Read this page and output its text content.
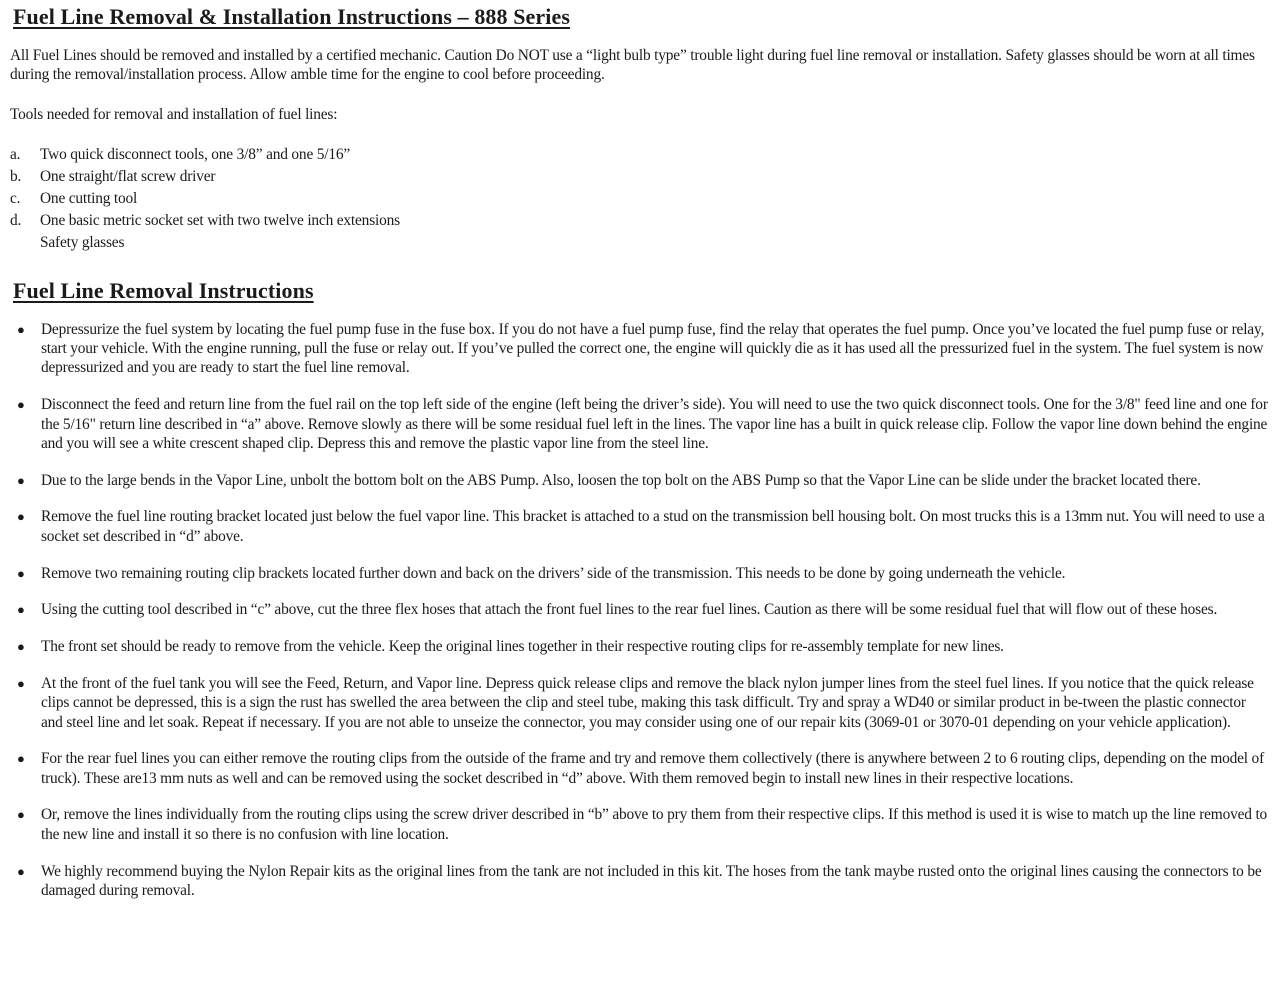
Fuel Line Removal & Installation Instructions – 888 Series

All Fuel Lines should be removed and installed by a certified mechanic. Caution Do NOT use a “light bulb type” trouble light during fuel line removal or installation. Safety glasses should be worn at all times during the removal/installation process. Allow amble time for the engine to cool before proceeding.

Tools needed for removal and installation of fuel lines:

a.	Two quick disconnect tools, one 3/8” and one 5/16”
b.	One straight/flat screw driver
c.	One cutting tool
d.	One basic metric socket set with two twelve inch extensions
Safety glasses
Fuel Line Removal Instructions
●	Depressurize the fuel system by locating the fuel pump fuse in the fuse box. If you do not have a fuel pump fuse, find the relay that operates the fuel pump. Once you’ve located the fuel pump fuse or relay, start your vehicle. With the engine running, pull the fuse or relay out. If you’ve pulled the correct one, the engine will quickly die as it has used all the pressurized fuel in the system. The fuel system is now depressurized and you are ready to start the fuel line removal.

●	Disconnect the feed and return line from the fuel rail on the top left side of the engine (left being the driver’s side). You will need to use the two quick disconnect tools. One for the 3/8" feed line and one for the 5/16" return line described in “a” above. Remove slowly as there will be some residual fuel left in the lines. The vapor line has a built in quick release clip. Follow the vapor line down behind the engine and you will see a white crescent shaped clip. Depress this and remove the plastic vapor line from the steel line.

●	Due to the large bends in the Vapor Line, unbolt the bottom bolt on the ABS Pump. Also, loosen the top bolt on the ABS Pump so that the Vapor Line can be slide under the bracket located there.

●	Remove the fuel line routing bracket located just below the fuel vapor line. This bracket is attached to a stud on the transmission bell housing bolt. On most trucks this is a 13mm nut. You will need to use a socket set described in “d” above.

●	Remove two remaining routing clip brackets located further down and back on the drivers’ side of the transmission. This needs to be done by going underneath the vehicle.

●	Using the cutting tool described in “c” above, cut the three flex hoses that attach the front fuel lines to the rear fuel lines. Caution as there will be some residual fuel that will flow out of these hoses.

●	The front set should be ready to remove from the vehicle. Keep the original lines together in their respective routing clips for re-assembly template for new lines.

●	At the front of the fuel tank you will see the Feed, Return, and Vapor line. Depress quick release clips and remove the black nylon jumper lines from the steel fuel lines. If you notice that the quick release clips cannot be depressed, this is a sign the rust has swelled the area between the clip and steel tube, making this task difficult. Try and spray a WD40 or similar product in be-tween the plastic connector and steel line and let soak. Repeat if necessary. If you are not able to unseize the connector, you may consider using one of our repair kits (3069-01 or 3070-01 depending on your vehicle application).

●	For the rear fuel lines you can either remove the routing clips from the outside of the frame and try and remove them collectively (there is anywhere between 2 to 6 routing clips, depending on the model of truck). These are13 mm nuts as well and can be removed using the socket described in “d” above. With them removed begin to install new lines in their respective locations.

●	Or, remove the lines individually from the routing clips using the screw driver described in “b” above to pry them from their respective clips. If this method is used it is wise to match up the line removed to the new line and install it so there is no confusion with line location.

●	We highly recommend buying the Nylon Repair kits as the original lines from the tank are not included in this kit. The hoses from the tank maybe rusted onto the original lines causing the connectors to be damaged during removal.
